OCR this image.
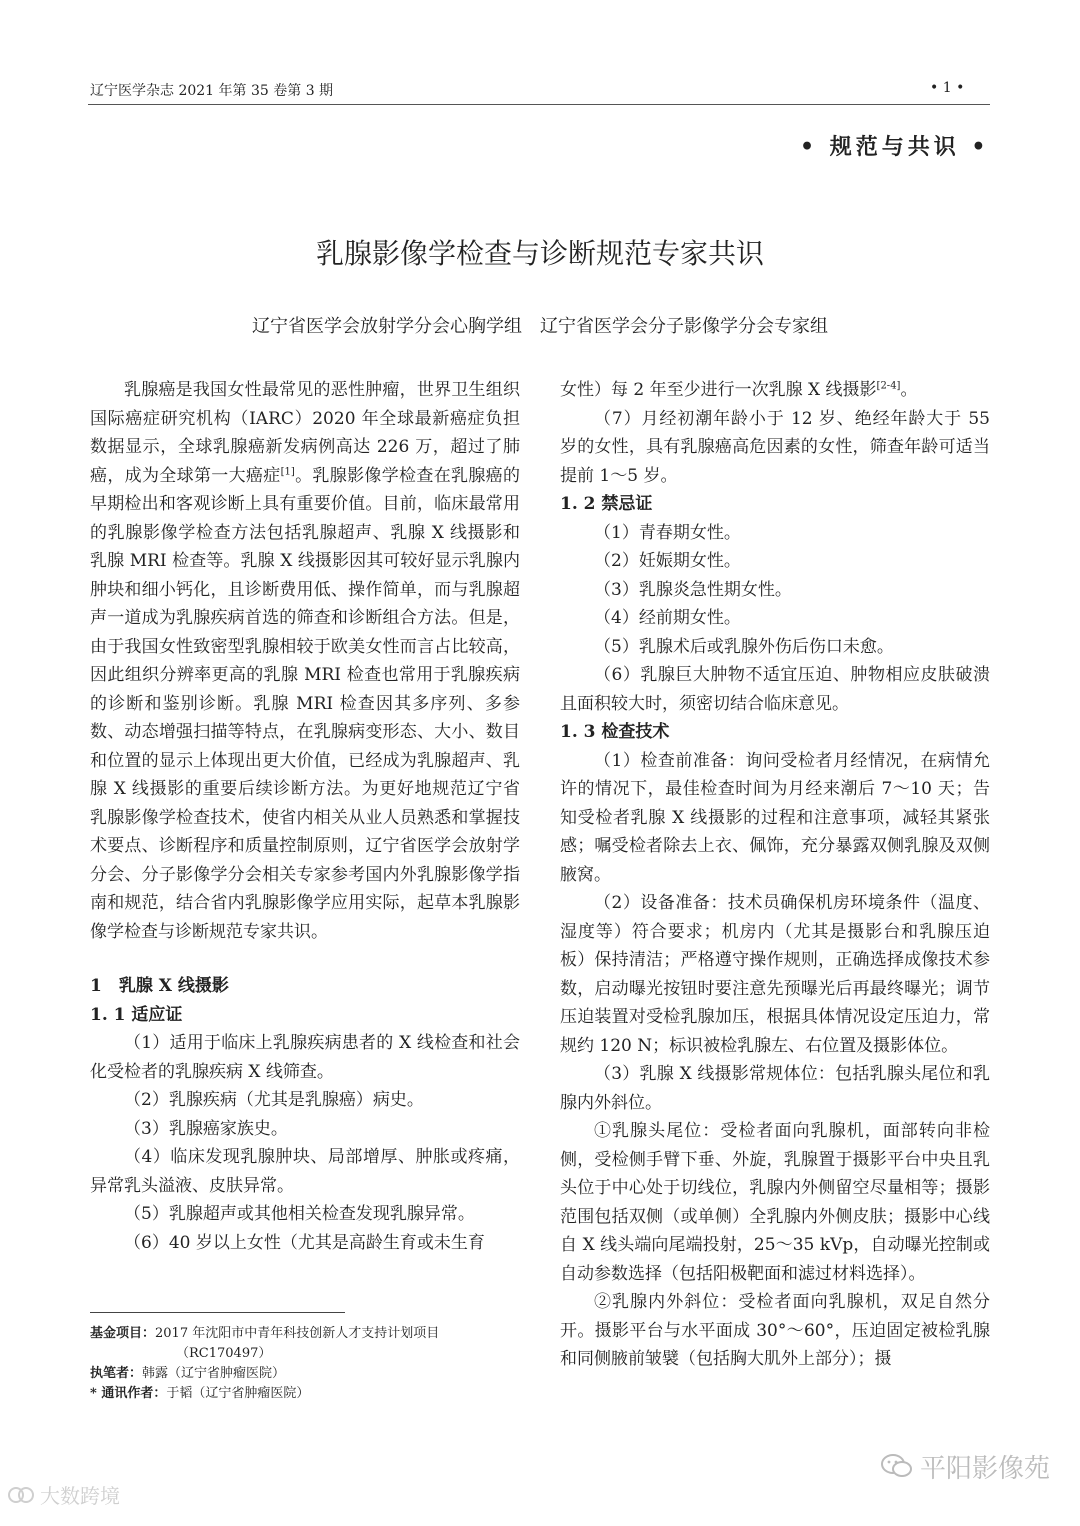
辽宁医学杂志 2021 年第 35 卷第 3 期	• 1 •
• 规范与共识 •
乳腺影像学检查与诊断规范专家共识
辽宁省医学会放射学分会心胸学组　辽宁省医学会分子影像学分会专家组

乳腺癌是我国女性最常见的恶性肿瘤，世界卫生组织国际癌症研究机构（IARC）2020 年全球最新癌症负担数据显示，全球乳腺癌新发病例高达 226 万，超过了肺癌，成为全球第一大癌症[1]。乳腺影像学检查在乳腺癌的早期检出和客观诊断上具有重要价值。目前，临床最常用的乳腺影像学检查方法包括乳腺超声、乳腺 X 线摄影和乳腺 MRI 检查等。乳腺 X 线摄影因其可较好显示乳腺内肿块和细小钙化，且诊断费用低、操作简单，而与乳腺超声一道成为乳腺疾病首选的筛查和诊断组合方法。但是，由于我国女性致密型乳腺相较于欧美女性而言占比较高，因此组织分辨率更高的乳腺 MRI 检查也常用于乳腺疾病的诊断和鉴别诊断。乳腺 MRI 检查因其多序列、多参数、动态增强扫描等特点，在乳腺病变形态、大小、数目和位置的显示上体现出更大价值，已经成为乳腺超声、乳腺 X 线摄影的重要后续诊断方法。为更好地规范辽宁省乳腺影像学检查技术，使省内相关从业人员熟悉和掌握技术要点、诊断程序和质量控制原则，辽宁省医学会放射学分会、分子影像学分会相关专家参考国内外乳腺影像学指南和规范，结合省内乳腺影像学应用实际，起草本乳腺影像学检查与诊断规范专家共识。

1　乳腺 X 线摄影

1. 1 适应证

（1）适用于临床上乳腺疾病患者的 X 线检查和社会化受检者的乳腺疾病 X 线筛查。

（2）乳腺疾病（尤其是乳腺癌）病史。

（3）乳腺癌家族史。

（4）临床发现乳腺肿块、局部增厚、肿胀或疼痛，异常乳头溢液、皮肤异常。

（5）乳腺超声或其他相关检查发现乳腺异常。

（6）40 岁以上女性（尤其是高龄生育或未生育

女性）每 2 年至少进行一次乳腺 X 线摄影[2-4]。

（7）月经初潮年龄小于 12 岁、绝经年龄大于 55 岁的女性，具有乳腺癌高危因素的女性，筛查年龄可适当提前 1～5 岁。

1. 2 禁忌证

（1）青春期女性。

（2）妊娠期女性。

（3）乳腺炎急性期女性。

（4）经前期女性。

（5）乳腺术后或乳腺外伤后伤口未愈。

（6）乳腺巨大肿物不适宜压迫、肿物相应皮肤破溃且面积较大时，须密切结合临床意见。

1. 3 检查技术

（1）检查前准备：询问受检者月经情况，在病情允许的情况下，最佳检查时间为月经来潮后 7～10 天；告知受检者乳腺 X 线摄影的过程和注意事项，减轻其紧张感；嘱受检者除去上衣、佩饰，充分暴露双侧乳腺及双侧腋窝。

（2）设备准备：技术员确保机房环境条件（温度、湿度等）符合要求；机房内（尤其是摄影台和乳腺压迫板）保持清洁；严格遵守操作规则，正确选择成像技术参数，启动曝光按钮时要注意先预曝光后再最终曝光；调节压迫装置对受检乳腺加压，根据具体情况设定压迫力，常规约 120 N；标识被检乳腺左、右位置及摄影体位。

（3）乳腺 X 线摄影常规体位：包括乳腺头尾位和乳腺内外斜位。

①乳腺头尾位：受检者面向乳腺机，面部转向非检侧，受检侧手臂下垂、外旋，乳腺置于摄影平台中央且乳头位于中心处于切线位，乳腺内外侧留空尽量相等；摄影范围包括双侧（或单侧）全乳腺内外侧皮肤；摄影中心线自 X 线头端向尾端投射，25～35 kVp，自动曝光控制或自动参数选择（包括阳极靶面和滤过材料选择）。

②乳腺内外斜位：受检者面向乳腺机，双足自然分开。摄影平台与水平面成 30°～60°，压迫固定被检乳腺和同侧腋前皱襞（包括胸大肌外上部分）；摄

基金项目：2017 年沈阳市中青年科技创新人才支持计划项目

（RC170497）

执笔者：韩露（辽宁省肿瘤医院）

* 通讯作者：于韬（辽宁省肿瘤医院）

大数跨境
平阳影像苑
